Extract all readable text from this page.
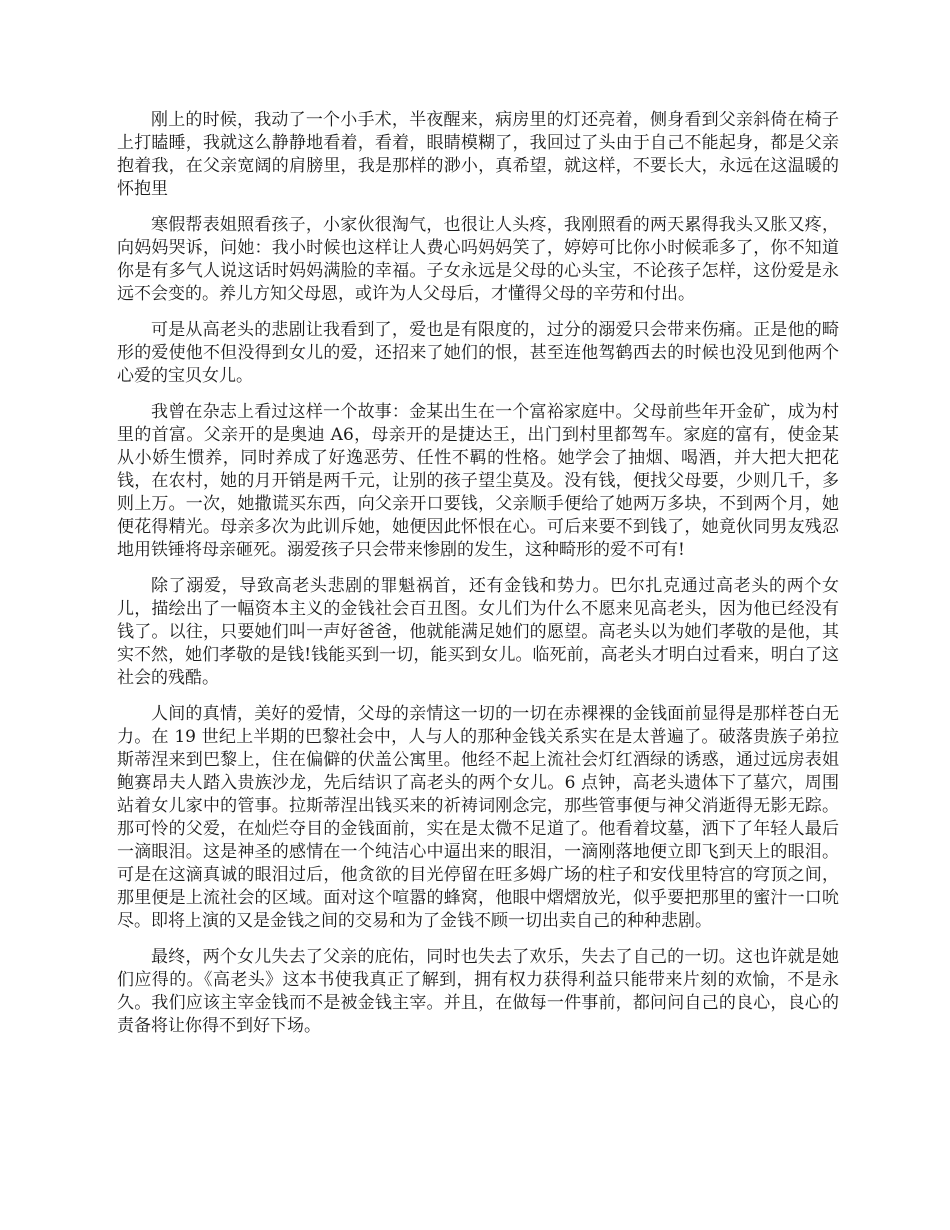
刚上的时候，我动了一个小手术，半夜醒来，病房里的灯还亮着，侧身看到父亲斜倚在椅子上打瞌睡，我就这么静静地看着，看着，眼睛模糊了，我回过了头由于自己不能起身，都是父亲抱着我，在父亲宽阔的肩膀里，我是那样的渺小，真希望，就这样，不要长大，永远在这温暖的怀抱里

寒假帮表姐照看孩子，小家伙很淘气，也很让人头疼，我刚照看的两天累得我头又胀又疼，向妈妈哭诉，问她：我小时候也这样让人费心吗妈妈笑了，婷婷可比你小时候乖多了，你不知道你是有多气人说这话时妈妈满脸的幸福。子女永远是父母的心头宝，不论孩子怎样，这份爱是永远不会变的。养儿方知父母恩，或许为人父母后，才懂得父母的辛劳和付出。

可是从高老头的悲剧让我看到了，爱也是有限度的，过分的溺爱只会带来伤痛。正是他的畸形的爱使他不但没得到女儿的爱，还招来了她们的恨，甚至连他驾鹤西去的时候也没见到他两个心爱的宝贝女儿。

我曾在杂志上看过这样一个故事：金某出生在一个富裕家庭中。父母前些年开金矿，成为村里的首富。父亲开的是奥迪 A6，母亲开的是捷达王，出门到村里都驾车。家庭的富有，使金某从小娇生惯养，同时养成了好逸恶劳、任性不羁的性格。她学会了抽烟、喝酒，并大把大把花钱，在农村，她的月开销是两千元，让别的孩子望尘莫及。没有钱，便找父母要，少则几千，多则上万。一次，她撒谎买东西，向父亲开口要钱，父亲顺手便给了她两万多块，不到两个月，她便花得精光。母亲多次为此训斥她，她便因此怀恨在心。可后来要不到钱了，她竟伙同男友残忍地用铁锤将母亲砸死。溺爱孩子只会带来惨剧的发生，这种畸形的爱不可有!

除了溺爱，导致高老头悲剧的罪魁祸首，还有金钱和势力。巴尔扎克通过高老头的两个女儿，描绘出了一幅资本主义的金钱社会百丑图。女儿们为什么不愿来见高老头，因为他已经没有钱了。以往，只要她们叫一声好爸爸，他就能满足她们的愿望。高老头以为她们孝敬的是他，其实不然，她们孝敬的是钱!钱能买到一切，能买到女儿。临死前，高老头才明白过看来，明白了这社会的残酷。

人间的真情，美好的爱情，父母的亲情这一切的一切在赤裸裸的金钱面前显得是那样苍白无力。在 19 世纪上半期的巴黎社会中，人与人的那种金钱关系实在是太普遍了。破落贵族子弟拉斯蒂涅来到巴黎上，住在偏僻的伏盖公寓里。他经不起上流社会灯红酒绿的诱惑，通过远房表姐鲍赛昂夫人踏入贵族沙龙，先后结识了高老头的两个女儿。6 点钟，高老头遗体下了墓穴，周围站着女儿家中的管事。拉斯蒂涅出钱买来的祈祷词刚念完，那些管事便与神父消逝得无影无踪。那可怜的父爱，在灿烂夺目的金钱面前，实在是太微不足道了。他看着坟墓，洒下了年轻人最后一滴眼泪。这是神圣的感情在一个纯洁心中逼出来的眼泪，一滴刚落地便立即飞到天上的眼泪。可是在这滴真诚的眼泪过后，他贪欲的目光停留在旺多姆广场的柱子和安伐里特宫的穹顶之间，那里便是上流社会的区域。面对这个喧嚣的蜂窝，他眼中熠熠放光，似乎要把那里的蜜汁一口吮尽。即将上演的又是金钱之间的交易和为了金钱不顾一切出卖自己的种种悲剧。

最终，两个女儿失去了父亲的庇佑，同时也失去了欢乐，失去了自己的一切。这也许就是她们应得的。《高老头》这本书使我真正了解到，拥有权力获得利益只能带来片刻的欢愉，不是永久。我们应该主宰金钱而不是被金钱主宰。并且，在做每一件事前，都问问自己的良心，良心的责备将让你得不到好下场。
